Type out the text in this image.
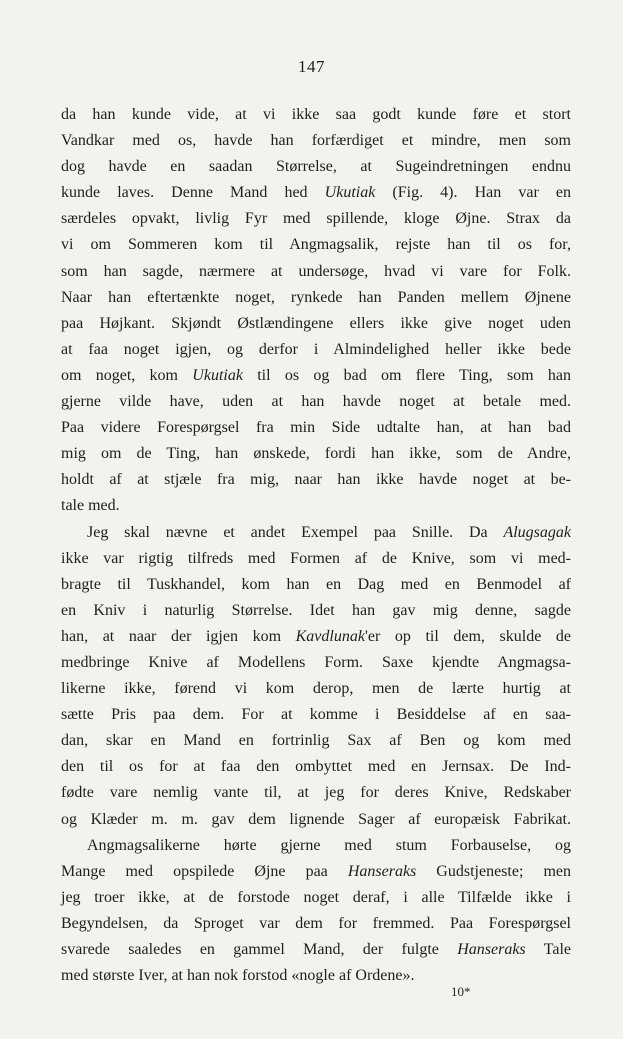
147
da han kunde vide, at vi ikke saa godt kunde føre et stort
Vandkar med os, havde han forfærdiget et mindre, men som
dog havde en saadan Størrelse, at Sugeindretningen endnu
kunde laves. Denne Mand hed Ukutiak (Fig. 4). Han var en
særdeles opvakt, livlig Fyr med spillende, kloge Øjne. Strax da
vi om Sommeren kom til Angmagsalik, rejste han til os for,
som han sagde, nærmere at undersøge, hvad vi vare for Folk.
Naar han eftertænkte noget, rynkede han Panden mellem Øjnene
paa Højkant. Skjøndt Østlændingene ellers ikke give noget uden
at faa noget igjen, og derfor i Almindelighed heller ikke bede
om noget, kom Ukutiak til os og bad om flere Ting, som han
gjerne vilde have, uden at han havde noget at betale med.
Paa videre Forespørgsel fra min Side udtalte han, at han bad
mig om de Ting, han ønskede, fordi han ikke, som de Andre,
holdt af at stjæle fra mig, naar han ikke havde noget at be-
tale med.
Jeg skal nævne et andet Exempel paa Snille. Da Alugsagak
ikke var rigtig tilfreds med Formen af de Knive, som vi med-
bragte til Tuskhandel, kom han en Dag med en Benmodel af
en Kniv i naturlig Størrelse. Idet han gav mig denne, sagde
han, at naar der igjen kom Kavdlunak'er op til dem, skulde de
medbringe Knive af Modellens Form. Saxe kjendte Angmagsa-
likerne ikke, førend vi kom derop, men de lærte hurtig at
sætte Pris paa dem. For at komme i Besiddelse af en saa-
dan, skar en Mand en fortrinlig Sax af Ben og kom med
den til os for at faa den ombyttet med en Jernsax. De Ind-
fødte vare nemlig vante til, at jeg for deres Knive, Redskaber
og Klæder m. m. gav dem lignende Sager af europæisk Fabrikat.
Angmagsalikerne hørte gjerne med stum Forbauselse, og
Mange med opspilede Øjne paa Hanseraks Gudstjeneste; men
jeg troer ikke, at de forstode noget deraf, i alle Tilfælde ikke i
Begyndelsen, da Sproget var dem for fremmed. Paa Forespørgsel
svarede saaledes en gammel Mand, der fulgte Hanseraks Tale
med største Iver, at han nok forstod «nogle af Ordene».
10*
